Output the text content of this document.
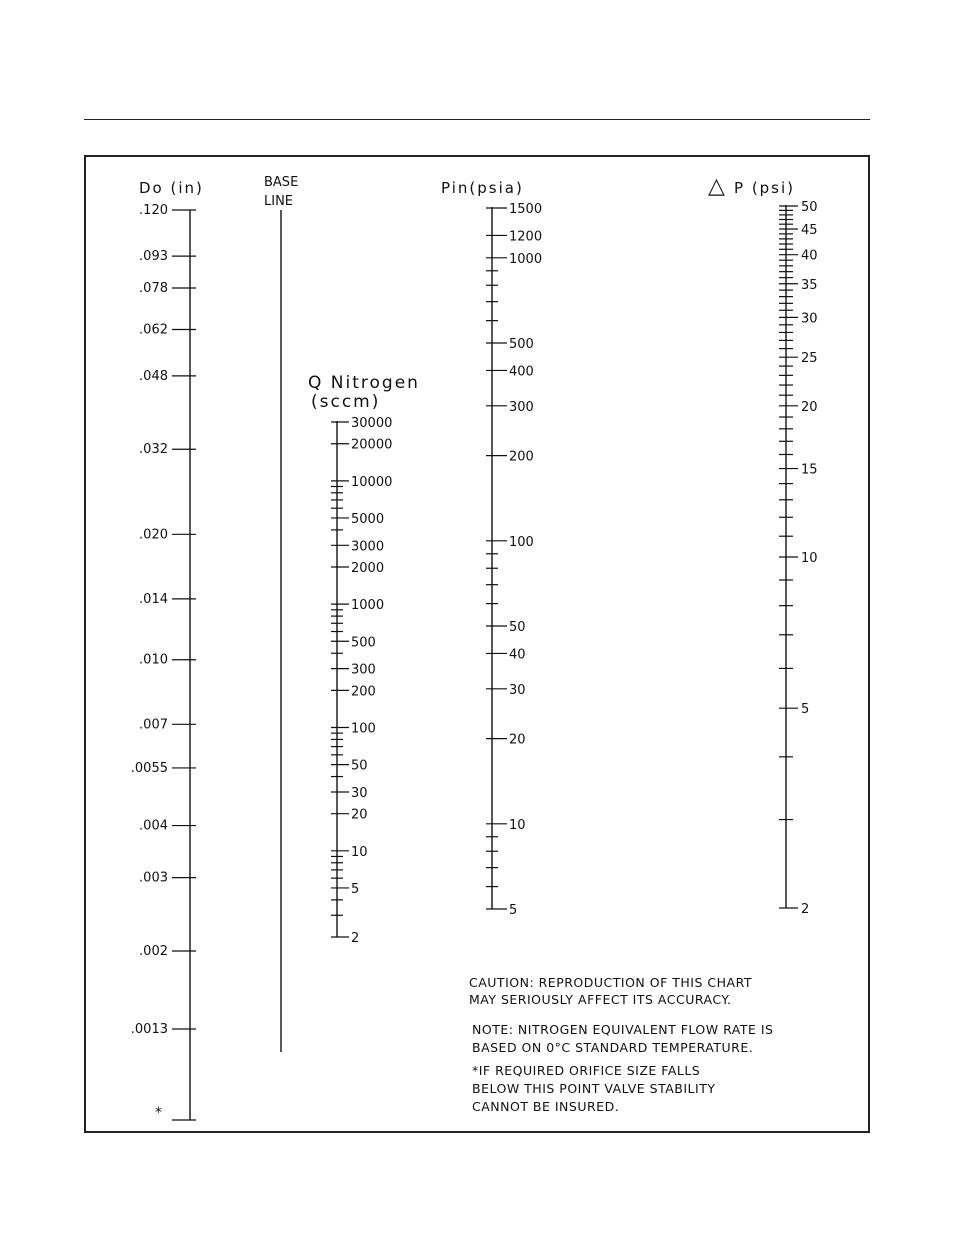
Do (in)	BASE
LINE
Pin(psia)	△ P (psi)
Q Nitrogen
(sccm)
*
.120
.093
.078
.062
.048
.032
.020
.014
.010
.007
.0055
.004
.003
.002
.0013
30000
20000
10000
5000
3000
2000
1000
500
300
200
100
50
30
20
10
5
2
1500
1200
1000
500
400
300
200
100
50
40
30
20
10
5
50
45
40
35
30
25
20
15
10
5
2
CAUTION: REPRODUCTION OF THIS CHART
MAY SERIOUSLY AFFECT ITS ACCURACY.
NOTE: NITROGEN EQUIVALENT FLOW RATE IS
BASED ON 0°C STANDARD TEMPERATURE.
*IF REQUIRED ORIFICE SIZE FALLS
BELOW THIS POINT VALVE STABILITY
CANNOT BE INSURED.
